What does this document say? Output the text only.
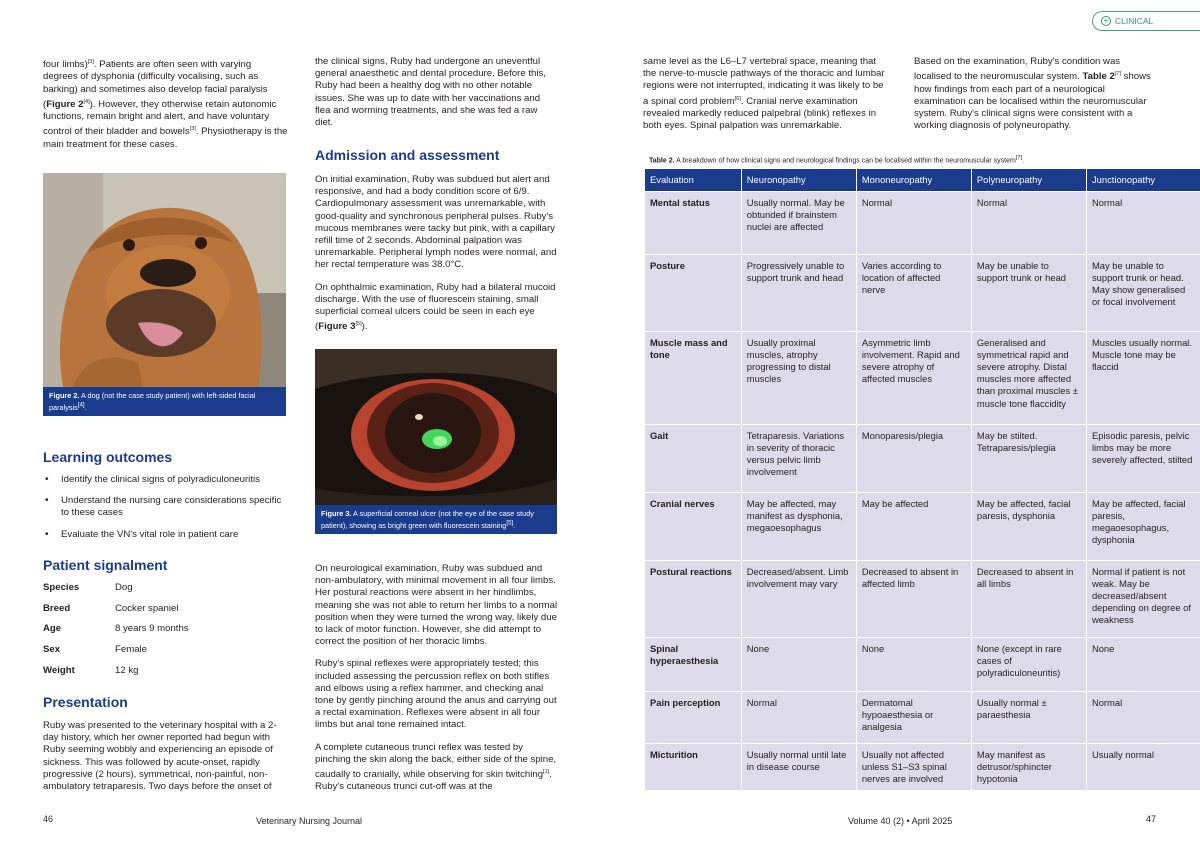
four limbs)[3]. Patients are often seen with varying degrees of dysphonia (difficulty vocalising, such as barking) and sometimes also develop facial paralysis (Figure 2[4]). However, they otherwise retain autonomic functions, remain bright and alert, and have voluntary control of their bladder and bowels[3]. Physiotherapy is the main treatment for these cases.
Figure 2. A dog (not the case study patient) with left-sided facial paralysis[4].
Learning outcomes
• Identify the clinical signs of polyradiculoneuritis
• Understand the nursing care considerations specific to these cases
• Evaluate the VN's vital role in patient care
Patient signalment
Species	Dog
Breed	Cocker spaniel
Age	8 years 9 months
Sex	Female
Weight	12 kg
Presentation
Ruby was presented to the veterinary hospital with a 2-day history, which her owner reported had begun with Ruby seeming wobbly and experiencing an episode of sickness. This was followed by acute-onset, rapidly progressive (2 hours), symmetrical, non-painful, non-ambulatory tetraparesis. Two days before the onset of
the clinical signs, Ruby had undergone an uneventful general anaesthetic and dental procedure. Before this, Ruby had been a healthy dog with no other notable issues. She was up to date with her vaccinations and flea and worming treatments, and she was fed a raw diet.
Admission and assessment
On initial examination, Ruby was subdued but alert and responsive, and had a body condition score of 6/9. Cardiopulmonary assessment was unremarkable, with good-quality and synchronous peripheral pulses. Ruby's mucous membranes were tacky but pink, with a capillary refill time of 2 seconds. Abdominal palpation was unremarkable. Peripheral lymph nodes were normal, and her rectal temperature was 38.0°C.
On ophthalmic examination, Ruby had a bilateral mucoid discharge. With the use of fluorescein staining, small superficial corneal ulcers could be seen in each eye (Figure 3[5]).
Figure 3. A superficial corneal ulcer (not the eye of the case study patient), showing as bright green with fluorescein staining[5].
On neurological examination, Ruby was subdued and non-ambulatory, with minimal movement in all four limbs. Her postural reactions were absent in her hindlimbs, meaning she was not able to return her limbs to a normal position when they were turned the wrong way, likely due to lack of motor function. However, she did attempt to correct the position of her thoracic limbs.
Ruby's spinal reflexes were appropriately tested; this included assessing the percussion reflex on both stifles and elbows using a reflex hammer, and checking anal tone by gently pinching around the anus and carrying out a rectal examination. Reflexes were absent in all four limbs but anal tone remained intact.
A complete cutaneous trunci reflex was tested by pinching the skin along the back, either side of the spine, caudally to cranially, while observing for skin twitching[1]. Ruby's cutaneous trunci cut-off was at the
46	Veterinary Nursing Journal
+ CLINICAL
same level as the L6–L7 vertebral space, meaning that the nerve-to-muscle pathways of the thoracic and lumbar regions were not interrupted, indicating it was likely to be a spinal cord problem[6]. Cranial nerve examination revealed markedly reduced palpebral (blink) reflexes in both eyes. Spinal palpation was unremarkable.
Based on the examination, Ruby's condition was localised to the neuromuscular system. Table 2[7] shows how findings from each part of a neurological examination can be localised within the neuromuscular system. Ruby's clinical signs were consistent with a working diagnosis of polyneuropathy.
Table 2. A breakdown of how clinical signs and neurological findings can be localised within the neuromuscular system[7].
Evaluation	Neuronopathy	Mononeuropathy	Polyneuropathy	Junctionopathy
Mental status	Usually normal. May be obtunded if brainstem nuclei are affected	Normal	Normal	Normal
Posture	Progressively unable to support trunk and head	Varies according to location of affected nerve	May be unable to support trunk or head	May be unable to support trunk or head. May show generalised or focal involvement
Muscle mass and tone	Usually proximal muscles, atrophy progressing to distal muscles	Asymmetric limb involvement. Rapid and severe atrophy of affected muscles	Generalised and symmetrical rapid and severe atrophy. Distal muscles more affected than proximal muscles ± muscle tone flaccidity	Muscles usually normal. Muscle tone may be flaccid
Gait	Tetraparesis. Variations in severity of thoracic versus pelvic limb involvement	Monoparesis/plegia	May be stilted. Tetraparesis/plegia	Episodic paresis, pelvic limbs may be more severely affected, stilted
Cranial nerves	May be affected, may manifest as dysphonia, megaoesophagus	May be affected	May be affected, facial paresis, dysphonia	May be affected, facial paresis, megaoesophagus, dysphonia
Postural reactions	Decreased/absent. Limb involvement may vary	Decreased to absent in affected limb	Decreased to absent in all limbs	Normal if patient is not weak. May be decreased/absent depending on degree of weakness
Spinal hyperaesthesia	None	None	None (except in rare cases of polyradiculoneuritis)	None
Pain perception	Normal	Dermatomal hypoaesthesia or analgesia	Usually normal ± paraesthesia	Normal
Micturition	Usually normal until late in disease course	Usually not affected unless S1–S3 spinal nerves are involved	May manifest as detrusor/sphincter hypotonia	Usually normal
Volume 40 (2) • April 2025	47
